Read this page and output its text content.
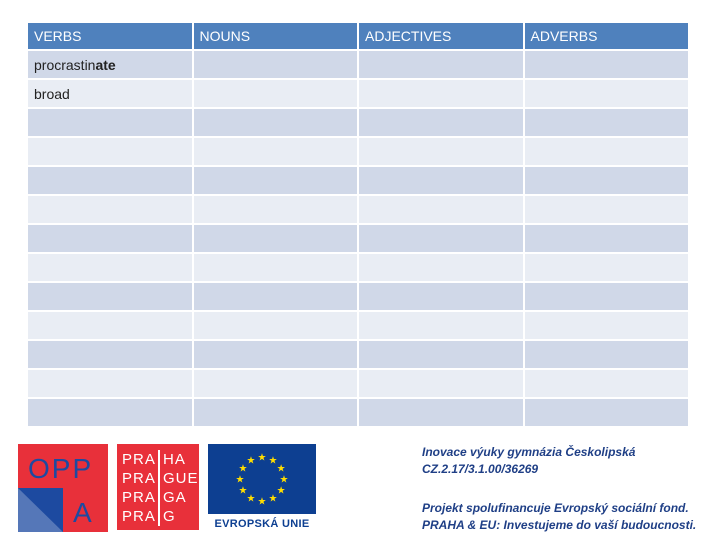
VERBS	NOUNS	ADJECTIVES	ADVERBS
procrastinate			
broad			

OPP
A
PRA
PRA
PRA
PRA
HA
GUE
GA
G
★ ★
★
★
★
★
★
★
★
★
★
★
EVROPSKÁ UNIE
Inovace výuky gymnázia Českolipská
CZ.2.17/3.1.00/36269
Projekt spolufinancuje Evropský sociální fond.
PRAHA & EU: Investujeme do vaší budoucnosti.
